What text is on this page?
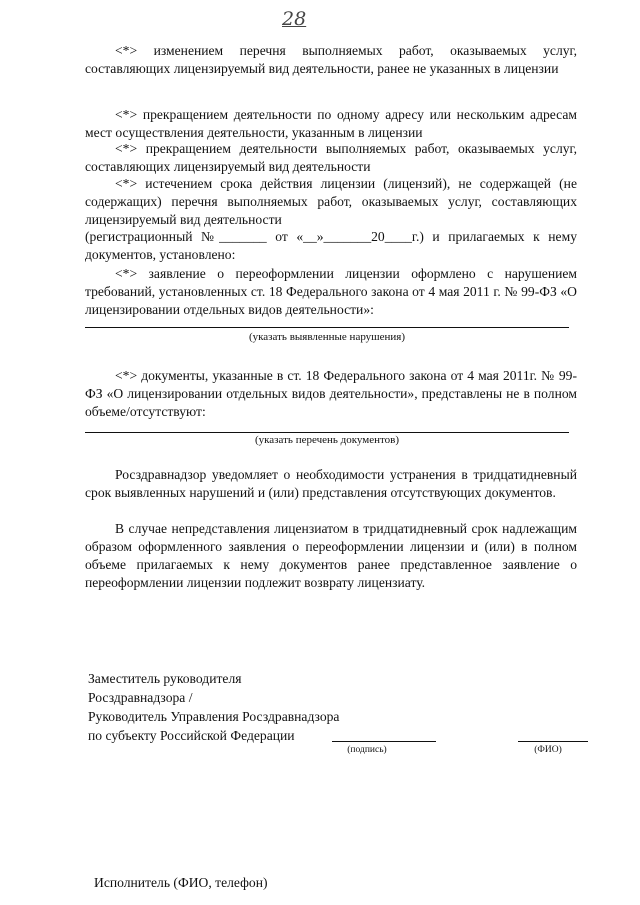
28
<*> изменением перечня выполняемых работ, оказываемых услуг, составляющих лицензируемый вид деятельности, ранее не указанных в лицензии
<*> прекращением деятельности по одному адресу или нескольким адресам мест осуществления деятельности, указанным в лицензии
<*> прекращением деятельности выполняемых работ, оказываемых услуг, составляющих лицензируемый вид деятельности
<*> истечением срока действия лицензии (лицензий), не содержащей (не содержащих) перечня выполняемых работ, оказываемых услуг, составляющих лицензируемый вид деятельности
(регистрационный №_______ от «__»_______20____г.) и прилагаемых к нему документов, установлено:
<*> заявление о переоформлении лицензии оформлено с нарушением требований, установленных ст. 18 Федерального закона от 4 мая 2011 г. № 99-ФЗ «О лицензировании отдельных видов деятельности»:
(указать выявленные нарушения)
<*> документы, указанные в ст. 18 Федерального закона от 4 мая 2011г. № 99-ФЗ «О лицензировании отдельных видов деятельности», представлены не в полном объеме/отсутствуют:
(указать перечень документов)
Росздравнадзор уведомляет о необходимости устранения в тридцатидневный срок выявленных нарушений и (или) представления отсутствующих документов.
В случае непредставления лицензиатом в тридцатидневный срок надлежащим образом оформленного заявления о переоформлении лицензии и (или) в полном объеме прилагаемых к нему документов ранее представленное заявление о переоформлении лицензии подлежит возврату лицензиату.
Заместитель руководителя
Росздравнадзора /
Руководитель Управления Росздравнадзора
по субъекту Российской Федерации
(подпись)	(ФИО)
Исполнитель (ФИО, телефон)
